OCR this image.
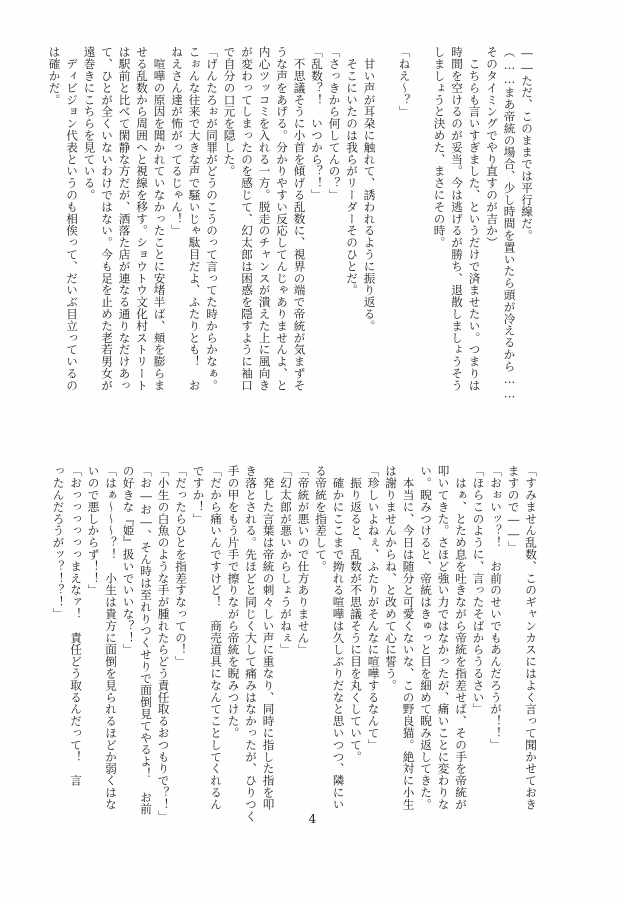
――ただ、このままでは平行線だ。

（……まあ帝統の場合、少し時間を置いたら頭が冷えるから……

そのタイミングでやり直すのが吉か）

　こちらも言いすぎました、というだけで済ませたい。つまりは

時間を空けるのが妥当。今は逃げるが勝ち、退散しましょうそう

しましょうと決めた、まさにその時。

「ねえ～？」

　甘い声が耳朶に触れて、誘われるように振り返る。

　そこにいたのは我らがリーダーそのひとだ。

「さっきから何してんの？」

「乱数？！　いつから？！」

　不思議そうに小首を傾げる乱数に、視界の端で帝統が気まずそ

うな声をあげる。分かりやすい反応してんじゃありませんよ、と

内心ツッコミを入れる一方。脱走のチャンスが潰えた上に風向き

が変わってしまったのを感じて、幻太郎は困惑を隠すように袖口

で自分の口元を隠した。

「げんたろぉが同罪がどうのこうのって言ってた時からかなぁ。

こぉんな往来で大きな声で騒いじゃ駄目だよ、ふたりとも！　お

ねえさん達が怖がってるじゃん！」

　喧嘩の原因を聞かれていなかったことに安堵半ば、頬を膨らま

せる乱数から周囲へと視線を移す。ショウトウ文化村ストリート

は駅前と比べて閑静な方だが、洒落た店が連なる通りなだけあっ

て、ひとが全くいないわけではない。今も足を止めた老若男女が

遠巻きにこちらを見ている。

　ディビジョン代表というのも相俟って、だいぶ目立っているの

は確かだ。

「すみません乱数、このギャンカスにはよく言って聞かせておき

ますので――」

「おぉいッ？！　お前のせいでもあんだろうが！！」

「ほらこのように、言ったそばからうるさい」

　はぁ、とため息を吐きながら帝統を指差せば、その手を帝統が

叩いてきた。さほど強い力ではなかったが、痛いことに変わりな

い。睨みつけると、帝統はきゅっと目を細めて睨み返してきた。

　本当に、今日は随分と可愛くないな、この野良猫。絶対に小生

は謝りませんからね、と改めて心に誓う。

「珍しいよねぇ、ふたりがそんなに喧嘩するなんて」

　振り返ると、乱数が不思議そうに目を丸くしていて。

　確かにここまで拗れる喧嘩は久しぶりだなと思いつつ、隣にい

る帝統を指差して。

「帝統が悪いので仕方ありません」

「幻太郎が悪いからしょうがねぇ」

　発した言葉は帝統の刺々しい声に重なり、同時に指した指を叩

き落とされる。先ほどと同じく大して痛みはなかったが、ひりつく

手の甲をもう片手で擦りながら帝統を睨みつけた。

「だから痛いんですけど！　商売道具になんてことしてくれるん

ですか！」

「だったらひとを指差すなっての！」

「小生の白魚のような手が腫れたらどう責任取るおつもりで？！」

「お―お―、そん時は至れりつくせりで面倒見てやるよ！　お前

の好きな『姫』扱いでいいな？！」

「はぁ～～～？！　小生は貴方に面倒を見られるほどか弱くはな

いので悪しからず！！」

「おっっっっっっまえなァ！　責任どう取るんだって！　言

ったんだろうがッ？！？！」

4
